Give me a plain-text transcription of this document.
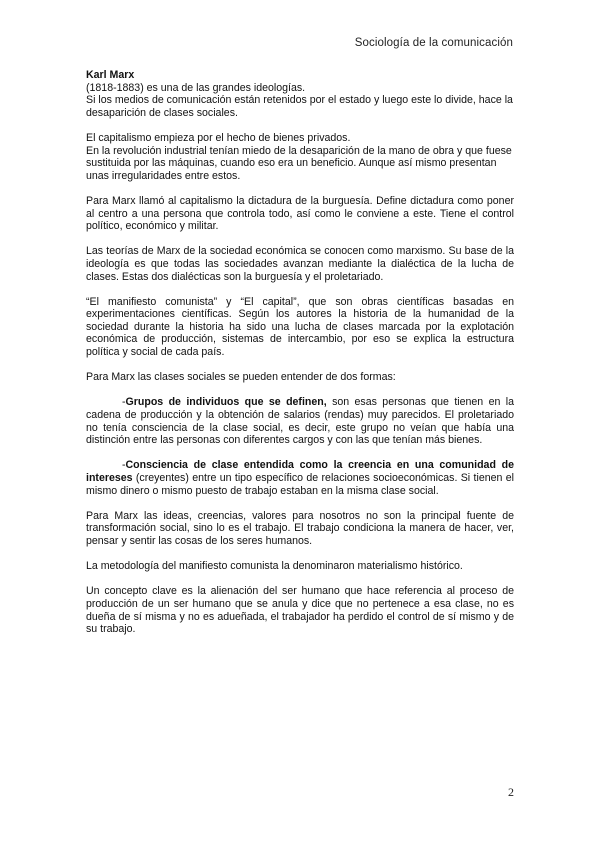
Sociología de la comunicación

Karl Marx
(1818-1883) es una de las grandes ideologías.
Si los medios de comunicación están retenidos por el estado y luego este lo divide, hace la desaparición de clases sociales.

El capitalismo empieza por el hecho de bienes privados.
En la revolución industrial tenían miedo de la desaparición de la mano de obra y que fuese sustituida por las máquinas, cuando eso era un beneficio. Aunque así mismo presentan unas irregularidades entre estos.

Para Marx llamó al capitalismo la dictadura de la burguesía. Define dictadura como poner al centro a una persona que controla todo, así como le conviene a este. Tiene el control político, económico y militar.

Las teorías de Marx de la sociedad económica se conocen como marxismo. Su base de la ideología es que todas las sociedades avanzan mediante la dialéctica de la lucha de clases. Estas dos dialécticas son la burguesía y el proletariado.

“El manifiesto comunista” y “El capital”, que son obras científicas basadas en experimentaciones científicas. Según los autores la historia de la humanidad de la sociedad durante la historia ha sido una lucha de clases marcada por la explotación económica de producción, sistemas de intercambio, por eso se explica la estructura política y social de cada país.

Para Marx las clases sociales se pueden entender de dos formas:

-Grupos de individuos que se definen, son esas personas que tienen en la cadena de producción y la obtención de salarios (rendas) muy parecidos. El proletariado no tenía consciencia de la clase social, es decir, este grupo no veían que había una distinción entre las personas con diferentes cargos y con las que tenían más bienes.

-Consciencia de clase entendida como la creencia en una comunidad de intereses (creyentes) entre un tipo específico de relaciones socioeconómicas. Si tienen el mismo dinero o mismo puesto de trabajo estaban en la misma clase social.

Para Marx las ideas, creencias, valores para nosotros no son la principal fuente de transformación social, sino lo es el trabajo. El trabajo condiciona la manera de hacer, ver, pensar y sentir las cosas de los seres humanos.

La metodología del manifiesto comunista la denominaron materialismo histórico.

Un concepto clave es la alienación del ser humano que hace referencia al proceso de producción de un ser humano que se anula y dice que no pertenece a esa clase, no es dueña de sí misma y no es adueñada, el trabajador ha perdido el control de sí mismo y de su trabajo.

2
